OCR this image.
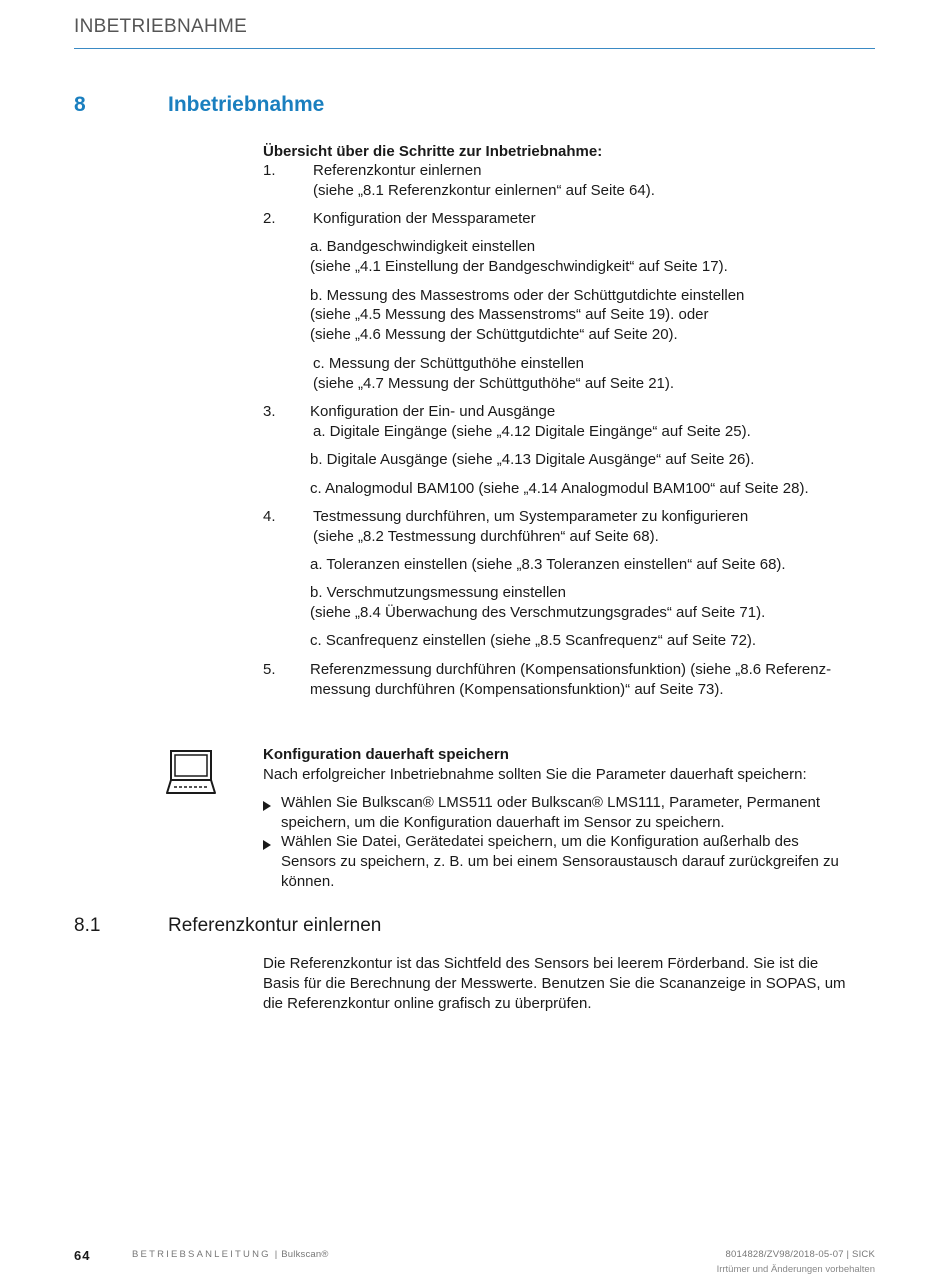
INBETRIEBNAHME
8	Inbetriebnahme
Übersicht über die Schritte zur Inbetriebnahme:
1. Referenzkontur einlernen
(siehe „8.1 Referenzkontur einlernen“ auf Seite 64).
2. Konfiguration der Messparameter
a. Bandgeschwindigkeit einstellen
(siehe „4.1 Einstellung der Bandgeschwindigkeit“ auf Seite 17).
b. Messung des Massestroms oder der Schüttgutdichte einstellen
(siehe „4.5 Messung des Massenstroms“ auf Seite 19). oder
(siehe „4.6 Messung der Schüttgutdichte“ auf Seite 20).
c. Messung der Schüttguthöhe einstellen
(siehe „4.7 Messung der Schüttguthöhe“ auf Seite 21).
3. Konfiguration der Ein- und Ausgänge
a. Digitale Eingänge (siehe „4.12 Digitale Eingänge“ auf Seite 25).
b. Digitale Ausgänge (siehe „4.13 Digitale Ausgänge“ auf Seite 26).
c. Analogmodul BAM100 (siehe „4.14 Analogmodul BAM100“ auf Seite 28).
4. Testmessung durchführen, um Systemparameter zu konfigurieren
(siehe „8.2 Testmessung durchführen“ auf Seite 68).
a. Toleranzen einstellen (siehe „8.3 Toleranzen einstellen“ auf Seite 68).
b. Verschmutzungsmessung einstellen
(siehe „8.4 Überwachung des Verschmutzungsgrades“ auf Seite 71).
c. Scanfrequenz einstellen (siehe „8.5 Scanfrequenz“ auf Seite 72).
5. Referenzmessung durchführen (Kompensationsfunktion) (siehe „8.6 Referenz-
messung durchführen (Kompensationsfunktion)“ auf Seite 73).
Konfiguration dauerhaft speichern
Nach erfolgreicher Inbetriebnahme sollten Sie die Parameter dauerhaft speichern:
Wählen Sie Bulkscan® LMS511 oder Bulkscan® LMS111, Parameter, Permanent
speichern, um die Konfiguration dauerhaft im Sensor zu speichern.
Wählen Sie Datei, Gerätedatei speichern, um die Konfiguration außerhalb des
Sensors zu speichern, z. B. um bei einem Sensoraustausch darauf zurückgreifen zu
können.
8.1	Referenzkontur einlernen
Die Referenzkontur ist das Sichtfeld des Sensors bei leerem Förderband. Sie ist die
Basis für die Berechnung der Messwerte. Benutzen Sie die Scananzeige in SOPAS, um
die Referenzkontur online grafisch zu überprüfen.
64	BETRIEBSANLEITUNG | Bulkscan®	8014828/ZV98/2018-05-07 | SICK
Irrtümer und Änderungen vorbehalten
